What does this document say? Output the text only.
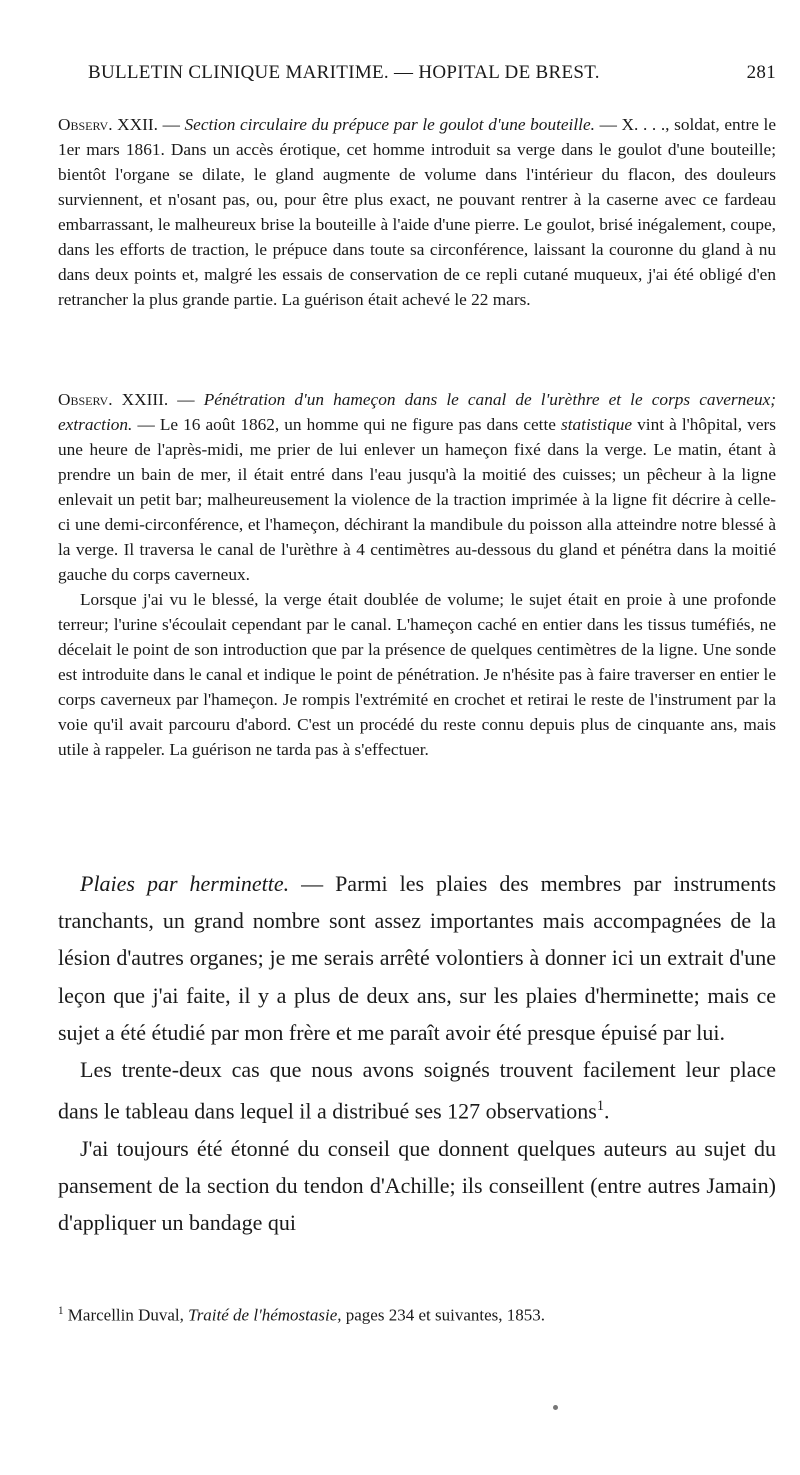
BULLETIN CLINIQUE MARITIME. — HOPITAL DE BREST.	281

Observ. XXII. — Section circulaire du prépuce par le goulot d'une bouteille. — X. . . ., soldat, entre le 1er mars 1861. Dans un accès érotique, cet homme introduit sa verge dans le goulot d'une bouteille; bientôt l'organe se dilate, le gland augmente de volume dans l'intérieur du flacon, des douleurs surviennent, et n'osant pas, ou, pour être plus exact, ne pouvant rentrer à la caserne avec ce fardeau embarrassant, le malheureux brise la bouteille à l'aide d'une pierre. Le goulot, brisé inégalement, coupe, dans les efforts de traction, le prépuce dans toute sa circonférence, laissant la couronne du gland à nu dans deux points et, malgré les essais de conservation de ce repli cutané muqueux, j'ai été obligé d'en retrancher la plus grande partie. La guérison était achevé le 22 mars.

Observ. XXIII. — Pénétration d'un hameçon dans le canal de l'urèthre et le corps caverneux; extraction. — Le 16 août 1862, un homme qui ne figure pas dans cette statistique vint à l'hôpital, vers une heure de l'après-midi, me prier de lui enlever un hameçon fixé dans la verge. Le matin, étant à prendre un bain de mer, il était entré dans l'eau jusqu'à la moitié des cuisses; un pêcheur à la ligne enlevait un petit bar; malheureusement la violence de la traction imprimée à la ligne fit décrire à celle-ci une demi-circonférence, et l'hameçon, déchirant la mandibule du poisson alla atteindre notre blessé à la verge. Il traversa le canal de l'urèthre à 4 centimètres au-dessous du gland et pénétra dans la moitié gauche du corps caverneux.

Lorsque j'ai vu le blessé, la verge était doublée de volume; le sujet était en proie à une profonde terreur; l'urine s'écoulait cependant par le canal. L'hameçon caché en entier dans les tissus tuméfiés, ne décelait le point de son introduction que par la présence de quelques centimètres de la ligne. Une sonde est introduite dans le canal et indique le point de pénétration. Je n'hésite pas à faire traverser en entier le corps caverneux par l'hameçon. Je rompis l'extrémité en crochet et retirai le reste de l'instrument par la voie qu'il avait parcouru d'abord. C'est un procédé du reste connu depuis plus de cinquante ans, mais utile à rappeler. La guérison ne tarda pas à s'effectuer.

Plaies par herminette. — Parmi les plaies des membres par instruments tranchants, un grand nombre sont assez importantes mais accompagnées de la lésion d'autres organes; je me serais arrêté volontiers à donner ici un extrait d'une leçon que j'ai faite, il y a plus de deux ans, sur les plaies d'herminette; mais ce sujet a été étudié par mon frère et me paraît avoir été presque épuisé par lui.

Les trente-deux cas que nous avons soignés trouvent facilement leur place dans le tableau dans lequel il a distribué ses 127 observations$^1$.

J'ai toujours été étonné du conseil que donnent quelques auteurs au sujet du pansement de la section du tendon d'Achille; ils conseillent (entre autres Jamain) d'appliquer un bandage qui

$^1$ Marcellin Duval, Traité de l'hémostasie, pages 234 et suivantes, 1853.
